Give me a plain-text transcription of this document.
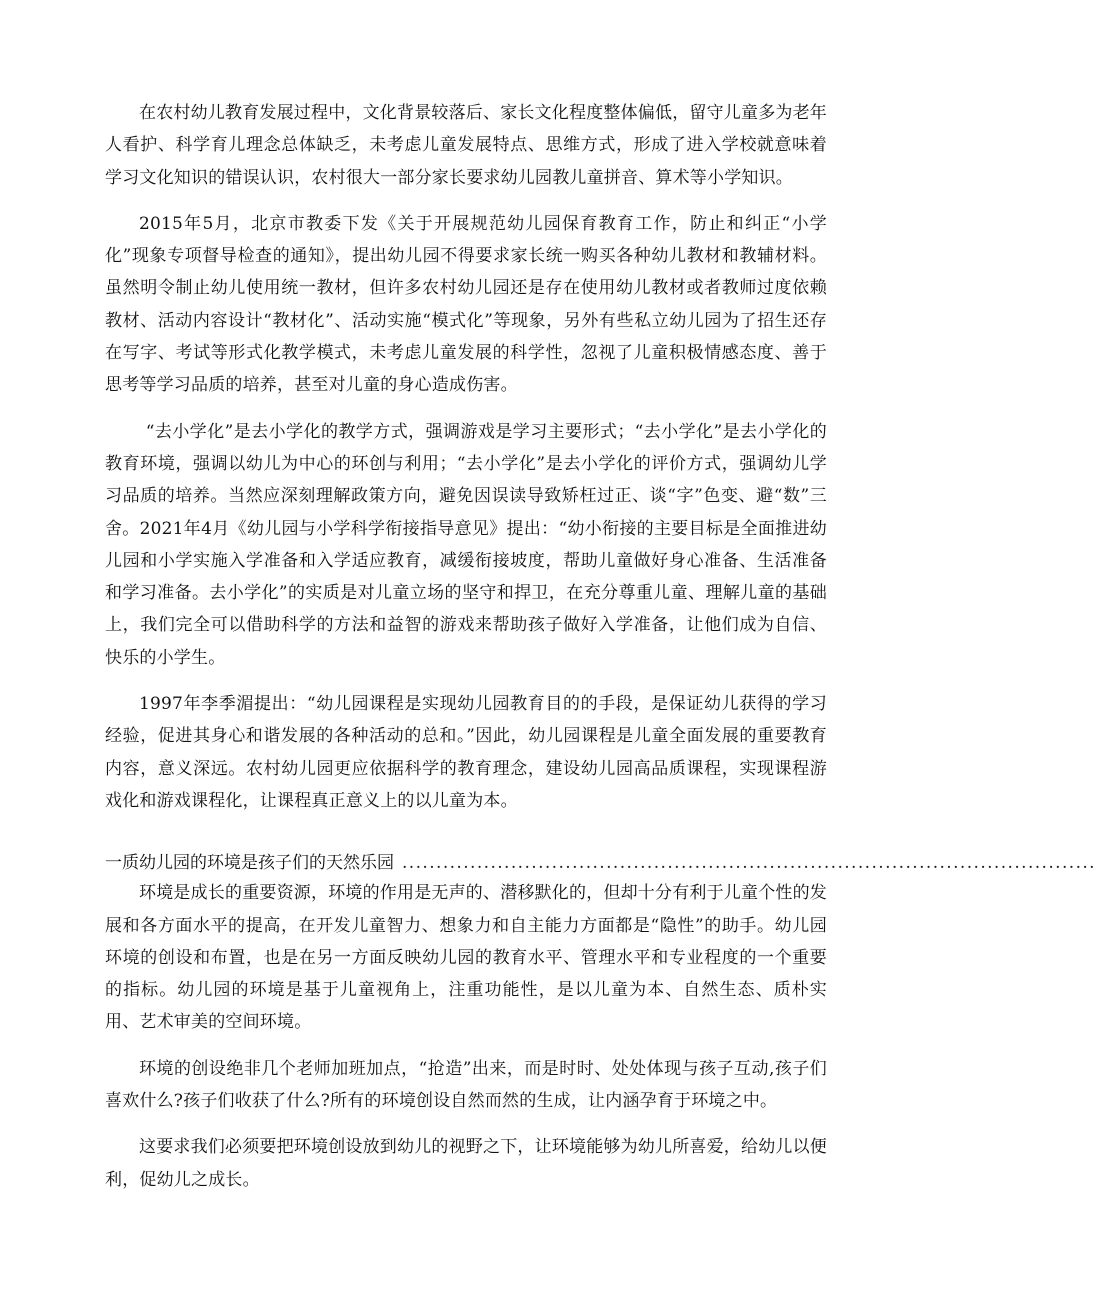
在农村幼儿教育发展过程中，文化背景较落后、家长文化程度整体偏低，留守儿童多为老年人看护、科学育儿理念总体缺乏，未考虑儿童发展特点、思维方式，形成了进入学校就意味着学习文化知识的错误认识，农村很大一部分家长要求幼儿园教儿童拼音、算术等小学知识。

2015年5月，北京市教委下发《关于开展规范幼儿园保育教育工作，防止和纠正“小学化”现象专项督导检查的通知》，提出幼儿园不得要求家长统一购买各种幼儿教材和教辅材料。虽然明令制止幼儿使用统一教材，但许多农村幼儿园还是存在使用幼儿教材或者教师过度依赖教材、活动内容设计“教材化”、活动实施“模式化”等现象，另外有些私立幼儿园为了招生还存在写字、考试等形式化教学模式，未考虑儿童发展的科学性，忽视了儿童积极情感态度、善于思考等学习品质的培养，甚至对儿童的身心造成伤害。

“去小学化”是去小学化的教学方式，强调游戏是学习主要形式；“去小学化”是去小学化的教育环境，强调以幼儿为中心的环创与利用；“去小学化”是去小学化的评价方式，强调幼儿学习品质的培养。当然应深刻理解政策方向，避免因误读导致矫枉过正、谈“字”色变、避“数”三舍。2021年4月《幼儿园与小学科学衔接指导意见》提出：“幼小衔接的主要目标是全面推进幼儿园和小学实施入学准备和入学适应教育，减缓衔接坡度，帮助儿童做好身心准备、生活准备和学习准备。去小学化”的实质是对儿童立场的坚守和捍卫，在充分尊重儿童、理解儿童的基础上，我们完全可以借助科学的方法和益智的游戏来帮助孩子做好入学准备，让他们成为自信、快乐的小学生。

1997年李季湄提出：“幼儿园课程是实现幼儿园教育目的的手段，是保证幼儿获得的学习经验，促进其身心和谐发展的各种活动的总和。”因此，幼儿园课程是儿童全面发展的重要教育内容，意义深远。农村幼儿园更应依据科学的教育理念，建设幼儿园高品质课程，实现课程游戏化和游戏课程化，让课程真正意义上的以儿童为本。

一质幼儿园的环境是孩子们的天然乐园 ......................................................................................................

环境是成长的重要资源，环境的作用是无声的、潜移默化的，但却十分有利于儿童个性的发展和各方面水平的提高，在开发儿童智力、想象力和自主能力方面都是“隐性”的助手。幼儿园环境的创设和布置，也是在另一方面反映幼儿园的教育水平、管理水平和专业程度的一个重要的指标。幼儿园的环境是基于儿童视角上，注重功能性，是以儿童为本、自然生态、质朴实用、艺术审美的空间环境。

环境的创设绝非几个老师加班加点，“抢造”出来，而是时时、处处体现与孩子互动,孩子们喜欢什么?孩子们收获了什么?所有的环境创设自然而然的生成，让内涵孕育于环境之中。

这要求我们必须要把环境创设放到幼儿的视野之下，让环境能够为幼儿所喜爱，给幼儿以便利，促幼儿之成长。
